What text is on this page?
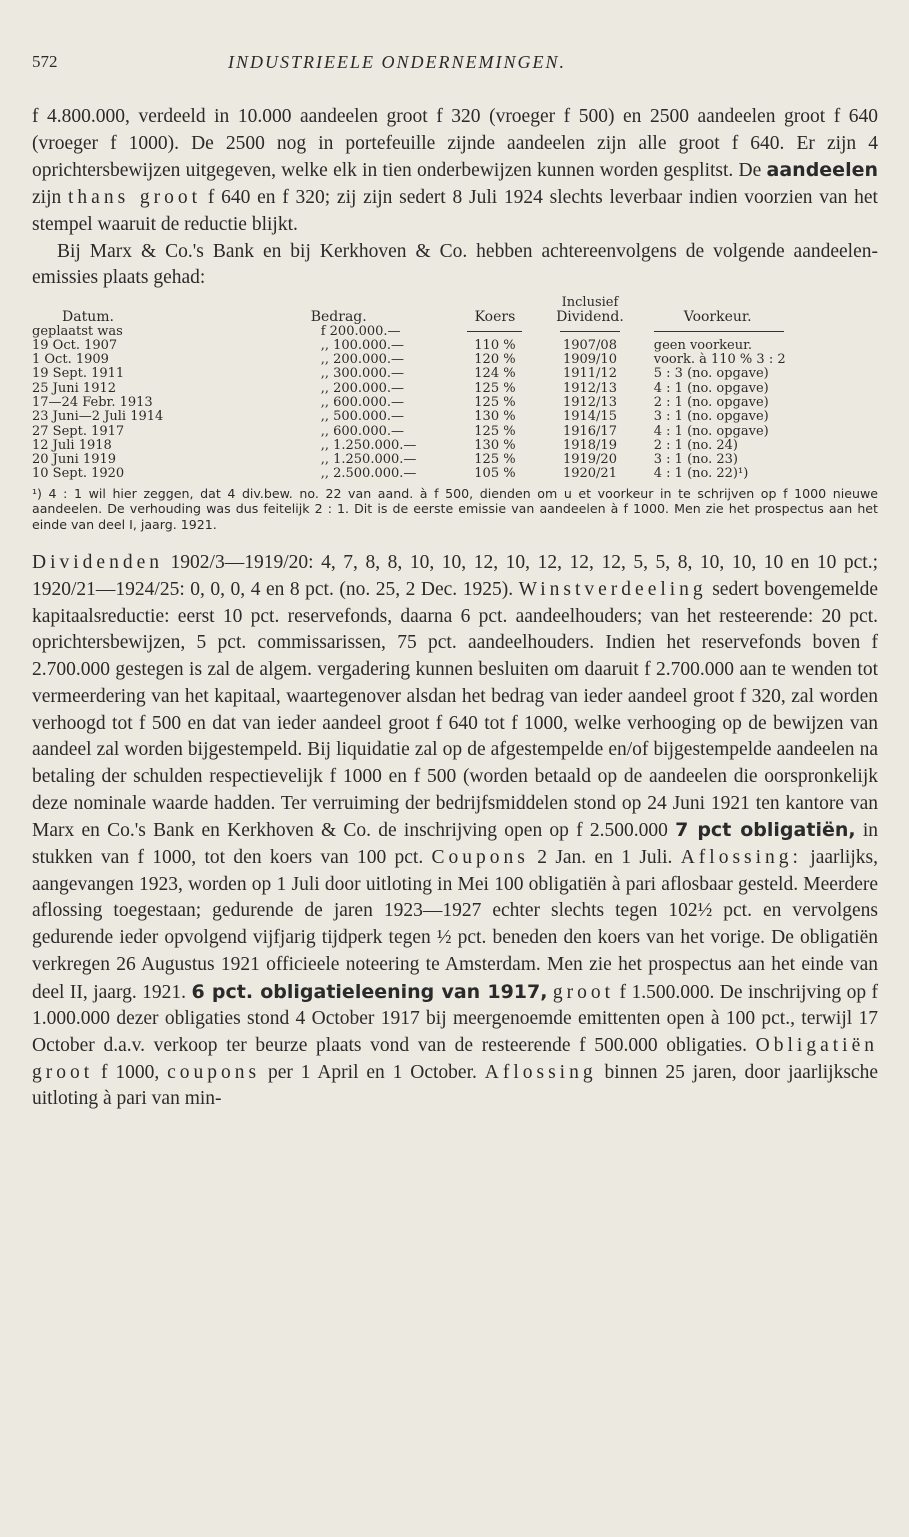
572	INDUSTRIEELE ONDERNEMINGEN.

f 4.800.000, verdeeld in 10.000 aandeelen groot f 320 (vroeger f 500) en 2500 aandeelen groot f 640 (vroeger f 1000). De 2500 nog in portefeuille zijnde aandeelen zijn alle groot f 640. Er zijn 4 oprichtersbewijzen uitgegeven, welke elk in tien onderbewijzen kunnen worden gesplitst. De aandeelen zijn thans groot f 640 en f 320; zij zijn sedert 8 Juli 1924 slechts leverbaar indien voorzien van het stempel waaruit de reductie blijkt.

Bij Marx & Co.'s Bank en bij Kerkhoven & Co. hebben achtereenvolgens de volgende aandeelen-emissies plaats gehad:

			Inclusief	
Datum.	Bedrag.	Koers	Dividend.	Voorkeur.
geplaatst was	f 200.000.—			
19 Oct. 1907	,, 100.000.—	110 %	1907/08	geen voorkeur.
1 Oct. 1909	,, 200.000.—	120 %	1909/10	voork. à 110 % 3 : 2
19 Sept. 1911	,, 300.000.—	124 %	1911/12	5 : 3 (no. opgave)
25 Juni 1912	,, 200.000.—	125 %	1912/13	4 : 1 (no. opgave)
17—24 Febr. 1913	,, 600.000.—	125 %	1912/13	2 : 1 (no. opgave)
23 Juni—2 Juli 1914	,, 500.000.—	130 %	1914/15	3 : 1 (no. opgave)
27 Sept. 1917	,, 600.000.—	125 %	1916/17	4 : 1 (no. opgave)
12 Juli 1918	,, 1.250.000.—	130 %	1918/19	2 : 1 (no. 24)
20 Juni 1919	,, 1.250.000.—	125 %	1919/20	3 : 1 (no. 23)
10 Sept. 1920	,, 2.500.000.—	105 %	1920/21	4 : 1 (no. 22)¹)

¹) 4 : 1 wil hier zeggen, dat 4 div.bew. no. 22 van aand. à f 500, dienden om u et voorkeur in te schrijven op f 1000 nieuwe aandeelen. De verhouding was dus feitelijk 2 : 1. Dit is de eerste emissie van aandeelen à f 1000. Men zie het prospectus aan het einde van deel I, jaarg. 1921.

Dividenden 1902/3—1919/20: 4, 7, 8, 8, 10, 10, 12, 10, 12, 12, 12, 5, 5, 8, 10, 10, 10 en 10 pct.; 1920/21—1924/25: 0, 0, 0, 4 en 8 pct. (no. 25, 2 Dec. 1925). Winstverdeeling sedert bovengemelde kapitaalsreductie: eerst 10 pct. reservefonds, daarna 6 pct. aandeelhouders; van het resteerende: 20 pct. oprichtersbewijzen, 5 pct. commissarissen, 75 pct. aandeelhouders. Indien het reservefonds boven f 2.700.000 gestegen is zal de algem. vergadering kunnen besluiten om daaruit f 2.700.000 aan te wenden tot vermeerdering van het kapitaal, waartegenover alsdan het bedrag van ieder aandeel groot f 320, zal worden verhoogd tot f 500 en dat van ieder aandeel groot f 640 tot f 1000, welke verhooging op de bewijzen van aandeel zal worden bijgestempeld. Bij liquidatie zal op de afgestempelde en/of bijgestempelde aandeelen na betaling der schulden respectievelijk f 1000 en f 500 (worden betaald op de aandeelen die oorspronkelijk deze nominale waarde hadden. Ter verruiming der bedrijfsmiddelen stond op 24 Juni 1921 ten kantore van Marx en Co.'s Bank en Kerkhoven & Co. de inschrijving open op f 2.500.000 7 pct obligatiën, in stukken van f 1000, tot den koers van 100 pct. Coupons 2 Jan. en 1 Juli. Aflossing: jaarlijks, aangevangen 1923, worden op 1 Juli door uitloting in Mei 100 obligatiën à pari aflosbaar gesteld. Meerdere aflossing toegestaan; gedurende de jaren 1923—1927 echter slechts tegen 102½ pct. en vervolgens gedurende ieder opvolgend vijfjarig tijdperk tegen ½ pct. beneden den koers van het vorige. De obligatiën verkregen 26 Augustus 1921 officieele noteering te Amsterdam. Men zie het prospectus aan het einde van deel II, jaarg. 1921. 6 pct. obligatieleening van 1917, groot f 1.500.000. De inschrijving op f 1.000.000 dezer obligaties stond 4 October 1917 bij meergenoemde emittenten open à 100 pct., terwijl 17 October d.a.v. verkoop ter beurze plaats vond van de resteerende f 500.000 obligaties. Obligatiën groot f 1000, coupons per 1 April en 1 October. Aflossing binnen 25 jaren, door jaarlijksche uitloting à pari van min-
